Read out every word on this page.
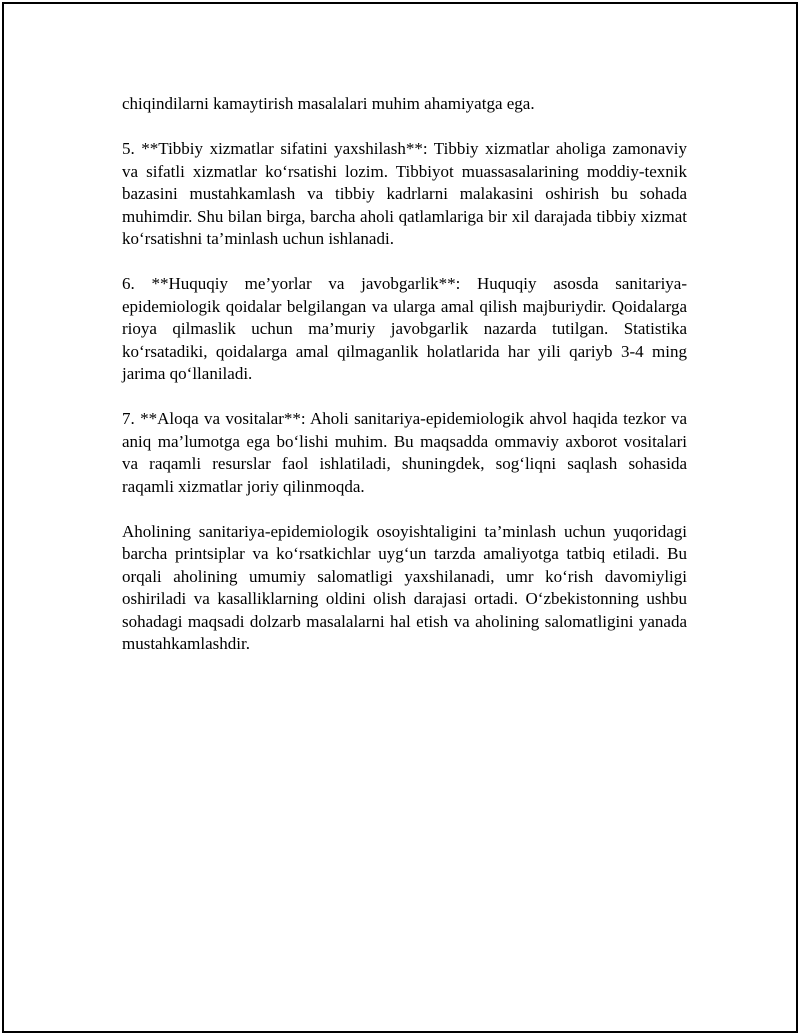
chiqindilarni kamaytirish masalalari muhim ahamiyatga ega.

5. **Tibbiy xizmatlar sifatini yaxshilash**: Tibbiy xizmatlar aholiga zamonaviy va sifatli xizmatlar ko‘rsatishi lozim. Tibbiyot muassasalarining moddiy-texnik bazasini mustahkamlash va tibbiy kadrlarni malakasini oshirish bu sohada muhimdir. Shu bilan birga, barcha aholi qatlamlariga bir xil darajada tibbiy xizmat ko‘rsatishni ta’minlash uchun ishlanadi.

6. **Huquqiy me’yorlar va javobgarlik**: Huquqiy asosda sanitariya-epidemiologik qoidalar belgilangan va ularga amal qilish majburiydir. Qoidalarga rioya qilmaslik uchun ma’muriy javobgarlik nazarda tutilgan. Statistika ko‘rsatadiki, qoidalarga amal qilmaganlik holatlarida har yili qariyb 3-4 ming jarima qo‘llaniladi.

7. **Aloqa va vositalar**: Aholi sanitariya-epidemiologik ahvol haqida tezkor va aniq ma’lumotga ega bo‘lishi muhim. Bu maqsadda ommaviy axborot vositalari va raqamli resurslar faol ishlatiladi, shuningdek, sog‘liqni saqlash sohasida raqamli xizmatlar joriy qilinmoqda.

Aholining sanitariya-epidemiologik osoyishtaligini ta’minlash uchun yuqoridagi barcha printsiplar va ko‘rsatkichlar uyg‘un tarzda amaliyotga tatbiq etiladi. Bu orqali aholining umumiy salomatligi yaxshilanadi, umr ko‘rish davomiyligi oshiriladi va kasalliklarning oldini olish darajasi ortadi. O‘zbekistonning ushbu sohadagi maqsadi dolzarb masalalarni hal etish va aholining salomatligini yanada mustahkamlashdir.
